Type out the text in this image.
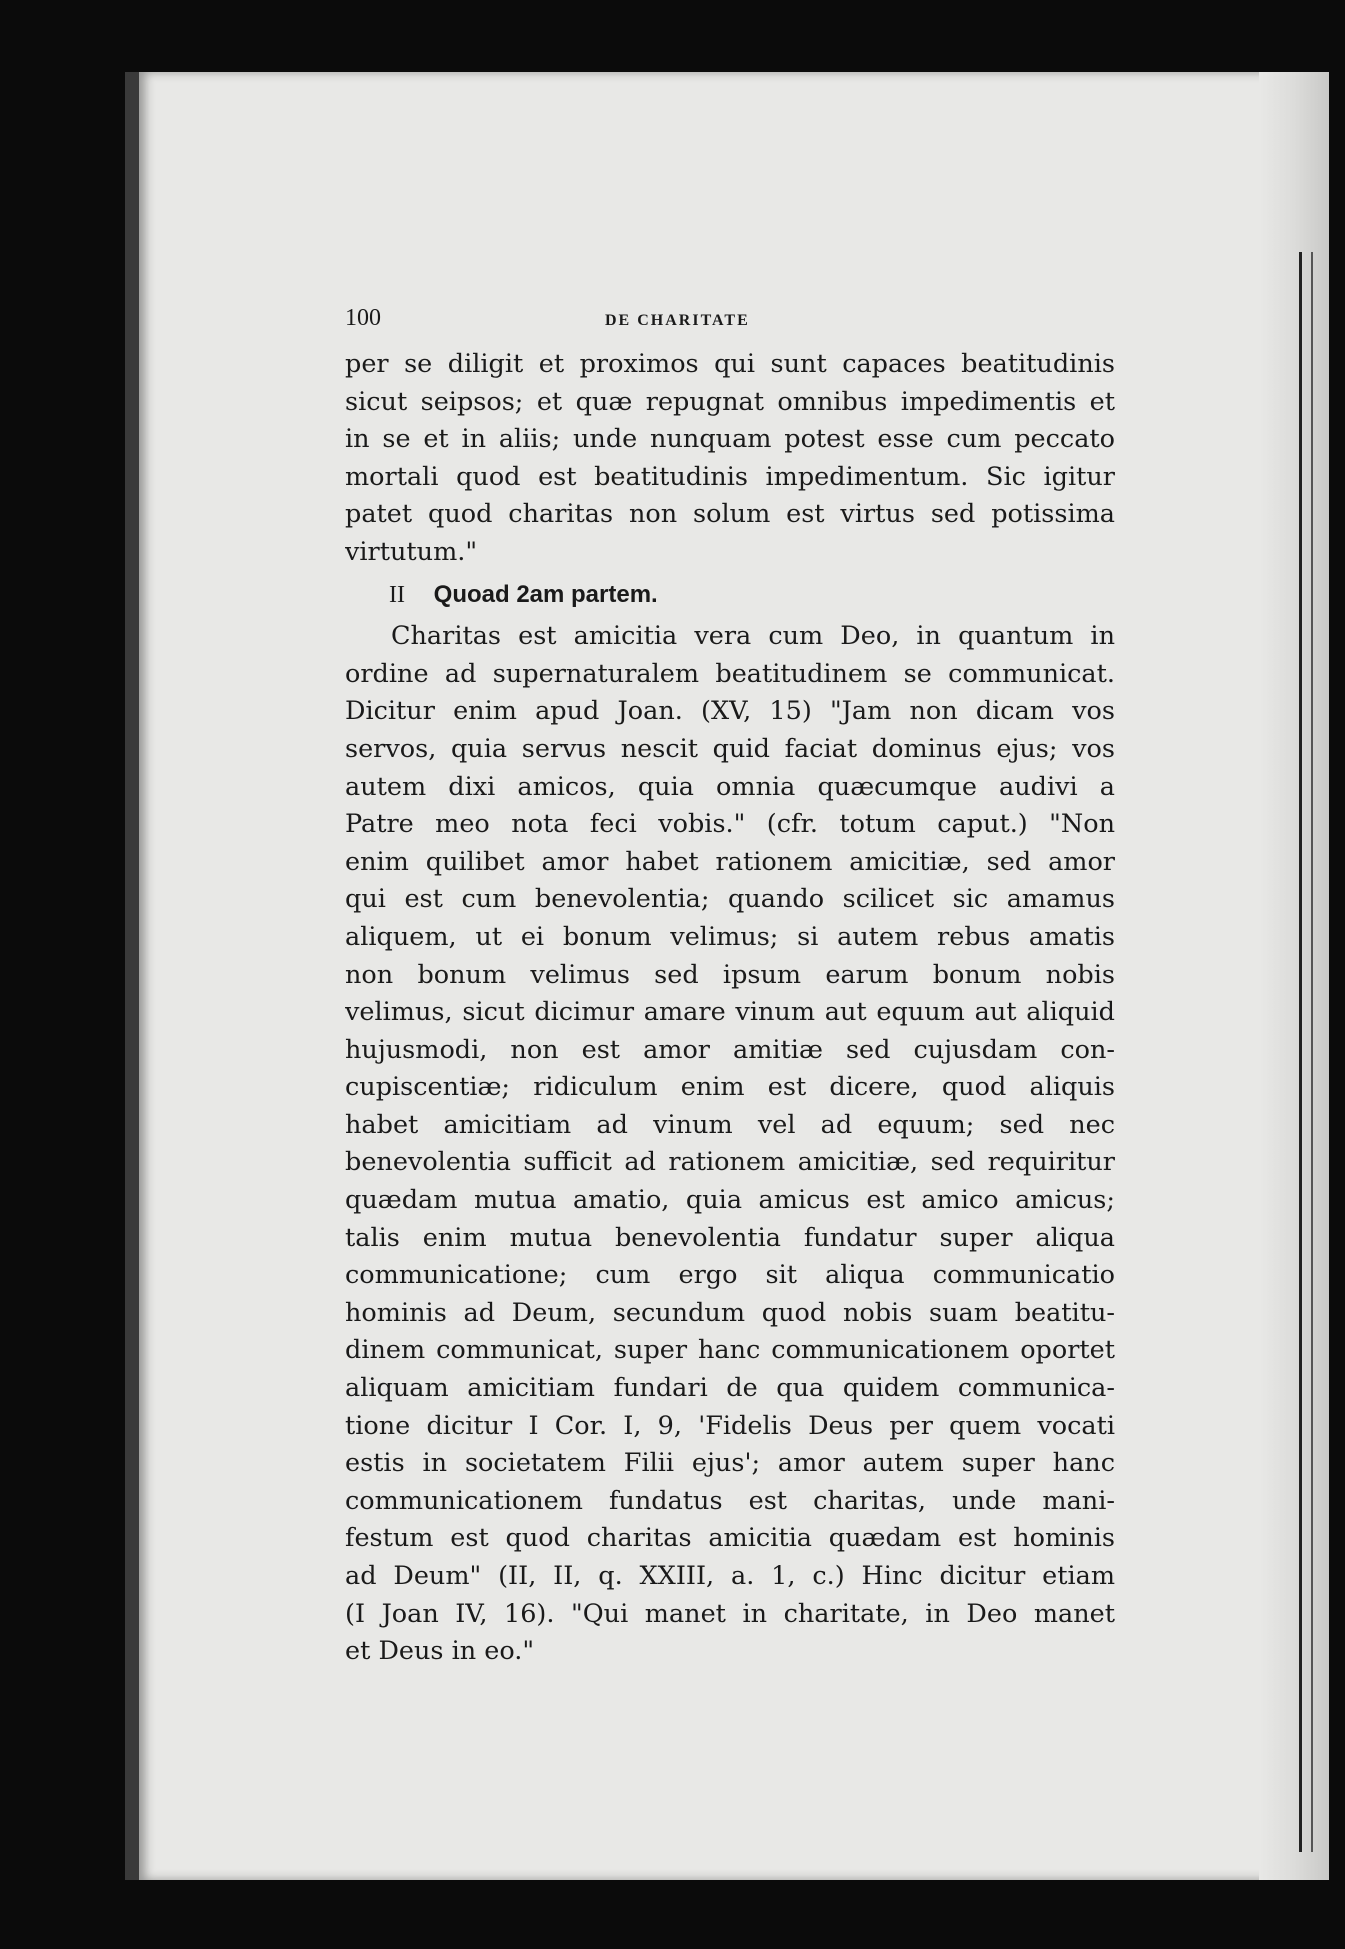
100	DE CHARITATE
per se diligit et proximos qui sunt capaces beatitudinis
sicut seipsos; et quæ repugnat omnibus impedimentis et
in se et in aliis; unde nunquam potest esse cum peccato
mortali quod est beatitudinis impedimentum. Sic igitur
patet quod charitas non solum est virtus sed potissima
virtutum."
II Quoad 2am partem.
Charitas est amicitia vera cum Deo, in quantum in
ordine ad supernaturalem beatitudinem se communicat.
Dicitur enim apud Joan. (XV, 15) "Jam non dicam vos
servos, quia servus nescit quid faciat dominus ejus; vos
autem dixi amicos, quia omnia quæcumque audivi a
Patre meo nota feci vobis." (cfr. totum caput.) "Non
enim quilibet amor habet rationem amicitiæ, sed amor
qui est cum benevolentia; quando scilicet sic amamus
aliquem, ut ei bonum velimus; si autem rebus amatis
non bonum velimus sed ipsum earum bonum nobis
velimus, sicut dicimur amare vinum aut equum aut aliquid
hujusmodi, non est amor amitiæ sed cujusdam con-
cupiscentiæ; ridiculum enim est dicere, quod aliquis
habet amicitiam ad vinum vel ad equum; sed nec
benevolentia sufficit ad rationem amicitiæ, sed requiritur
quædam mutua amatio, quia amicus est amico amicus;
talis enim mutua benevolentia fundatur super aliqua
communicatione; cum ergo sit aliqua communicatio
hominis ad Deum, secundum quod nobis suam beatitu-
dinem communicat, super hanc communicationem oportet
aliquam amicitiam fundari de qua quidem communica-
tione dicitur I Cor. I, 9, 'Fidelis Deus per quem vocati
estis in societatem Filii ejus'; amor autem super hanc
communicationem fundatus est charitas, unde mani-
festum est quod charitas amicitia quædam est hominis
ad Deum" (II, II, q. XXIII, a. 1, c.) Hinc dicitur etiam
(I Joan IV, 16). "Qui manet in charitate, in Deo manet
et Deus in eo."
